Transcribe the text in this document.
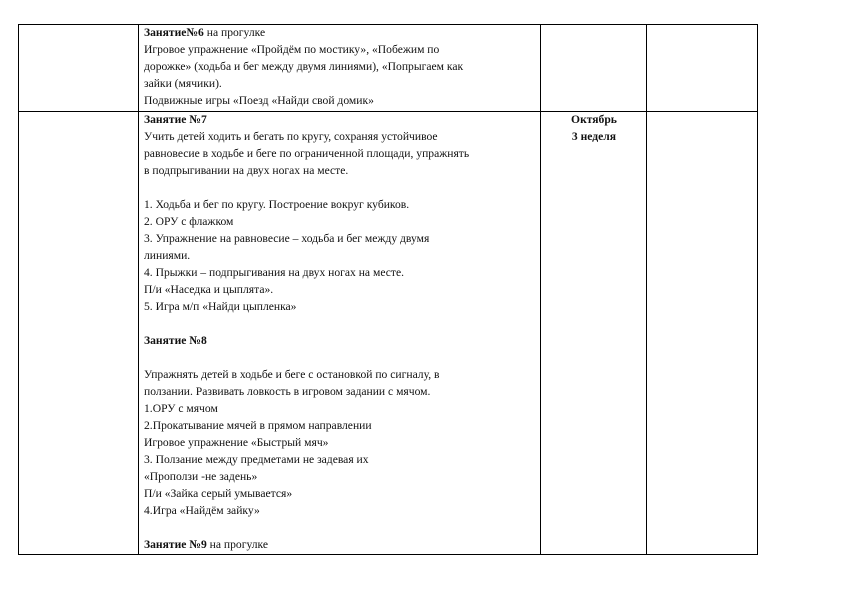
Занятие№6 на прогулке
Игровое упражнение «Пройдём по мостику», «Побежим по
дорожке» (ходьба и бег между двумя линиями), «Попрыгаем как
зайки (мячики).
Подвижные игры «Поезд «Найди свой домик»
Занятие №7
Учить детей ходить и бегать по кругу, сохраняя устойчивое
равновесие в ходьбе и беге по ограниченной площади, упражнять
в подпрыгивании на двух ногах на месте.
1. Ходьба и бег по кругу. Построение вокруг кубиков.
2. ОРУ с флажком
3. Упражнение на равновесие – ходьба и бег между двумя
линиями.
4. Прыжки – подпрыгивания на двух ногах на месте.
П/и «Наседка и цыплята».
5. Игра м/п «Найди цыпленка»
Занятие №8
Упражнять детей в ходьбе и беге с остановкой по сигналу, в
ползании. Развивать ловкость в игровом задании с мячом.
1.ОРУ с мячом
2.Прокатывание мячей в прямом направлении
Игровое упражнение «Быстрый мяч»
3. Ползание между предметами не задевая их
«Проползи -не задень»
П/и «Зайка серый умывается»
4.Игра «Найдём зайку»
Занятие №9 на прогулке
Октябрь
3 неделя
